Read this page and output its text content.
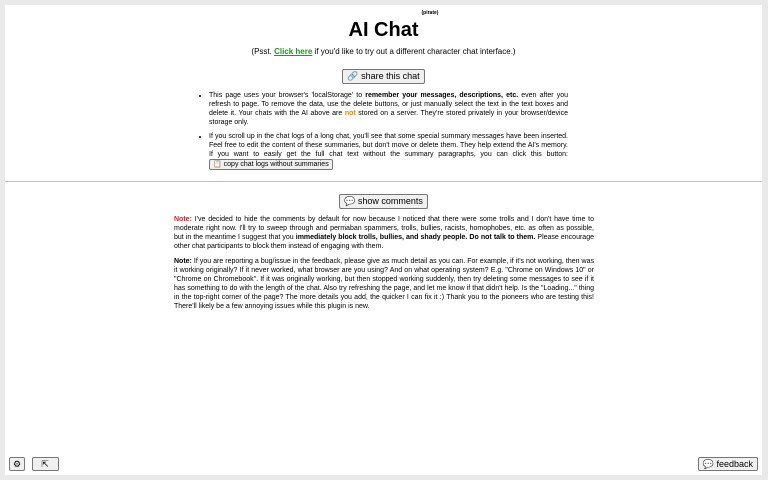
AI Chat
(pirate)
(Psst. Click here if you'd like to try out a different character chat interface.)
🔗 share this chat
• This page uses your browser's 'localStorage' to remember your messages, descriptions, etc. even after you refresh to page. To remove the data, use the delete buttons, or just manually select the text in the text boxes and delete it. Your chats with the AI above are not stored on a server. They're stored privately in your browser/device storage only.
• If you scroll up in the chat logs of a long chat, you'll see that some special summary messages have been inserted. Feel free to edit the content of these summaries, but don't move or delete them. They help extend the AI's memory. If you want to easily get the full chat text without the summary paragraphs, you can click this button: 📋 copy chat logs without summaries
💬 show comments

Note: I've decided to hide the comments by default for now because I noticed that there were some trolls and I don't have time to moderate right now. I'll try to sweep through and permaban spammers, trolls, bullies, racists, homophobes, etc. as often as possible, but in the meantime I suggest that you immediately block trolls, bullies, and shady people. Do not talk to them. Please encourage other chat participants to block them instead of engaging with them.

Note: If you are reporting a bug/issue in the feedback, please give as much detail as you can. For example, if it's not working, then was it working originally? If it never worked, what browser are you using? And on what operating system? E.g. "Chrome on Windows 10" or "Chrome on Chromebook". If it was originally working, but then stopped working suddenly, then try deleting some messages to see if it has something to do with the length of the chat. Also try refreshing the page, and let me know if that didn't help. Is the "Loading..." thing in the top-right corner of the page? The more details you add, the quicker I can fix it :) Thank you to the pioneers who are testing this! There'll likely be a few annoying issues while this plugin is new.

⚙ ⇱	💬 feedback
